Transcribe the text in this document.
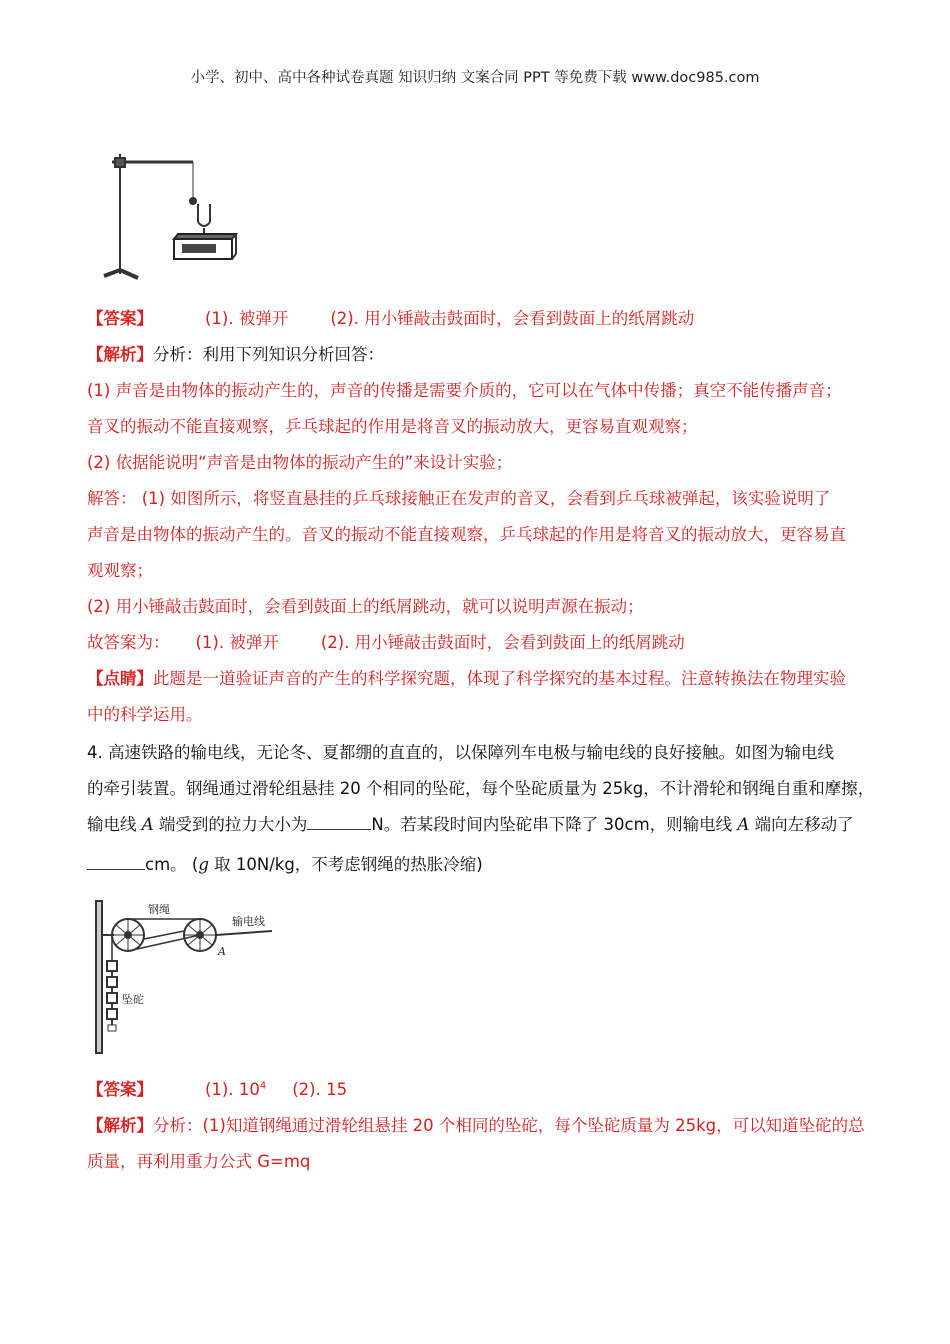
小学、初中、高中各种试卷真题 知识归纳 文案合同 PPT 等免费下载 www.doc985.com
【答案】	(1). 被弹开	(2). 用小锤敲击鼓面时，会看到鼓面上的纸屑跳动
【解析】分析：利用下列知识分析回答：
(1) 声音是由物体的振动产生的，声音的传播是需要介质的，它可以在气体中传播；真空不能传播声音；
音叉的振动不能直接观察，乒乓球起的作用是将音叉的振动放大，更容易直观观察；
(2) 依据能说明“声音是由物体的振动产生的”来设计实验；
解答： (1) 如图所示，将竖直悬挂的乒乓球接触正在发声的音叉，会看到乒乓球被弹起，该实验说明了
声音是由物体的振动产生的。音叉的振动不能直接观察，乒乓球起的作用是将音叉的振动放大，更容易直
观观察；
(2) 用小锤敲击鼓面时，会看到鼓面上的纸屑跳动，就可以说明声源在振动；
故答案为： (1). 被弹开	(2). 用小锤敲击鼓面时，会看到鼓面上的纸屑跳动
【点睛】此题是一道验证声音的产生的科学探究题，体现了科学探究的基本过程。注意转换法在物理实验
中的科学运用。
4. 高速铁路的输电线，无论冬、夏都绷的直直的，以保障列车电极与输电线的良好接触。如图为输电线
的牵引装置。钢绳通过滑轮组悬挂 20 个相同的坠砣，每个坠砣质量为 25kg，不计滑轮和钢绳自重和摩擦，
输电线 A 端受到的拉力大小为	N。若某段时间内坠砣串下降了 30cm，则输电线 A 端向左移动了
cm。 (g 取 10N/kg，不考虑钢绳的热胀冷缩)
钢绳
输电线
A
坠砣
【答案】	(1). $10^4$ (2). 15
【解析】分析：(1)知道钢绳通过滑轮组悬挂 20 个相同的坠砣，每个坠砣质量为 25kg，可以知道坠砣的总
质量，再利用重力公式 G=mq
